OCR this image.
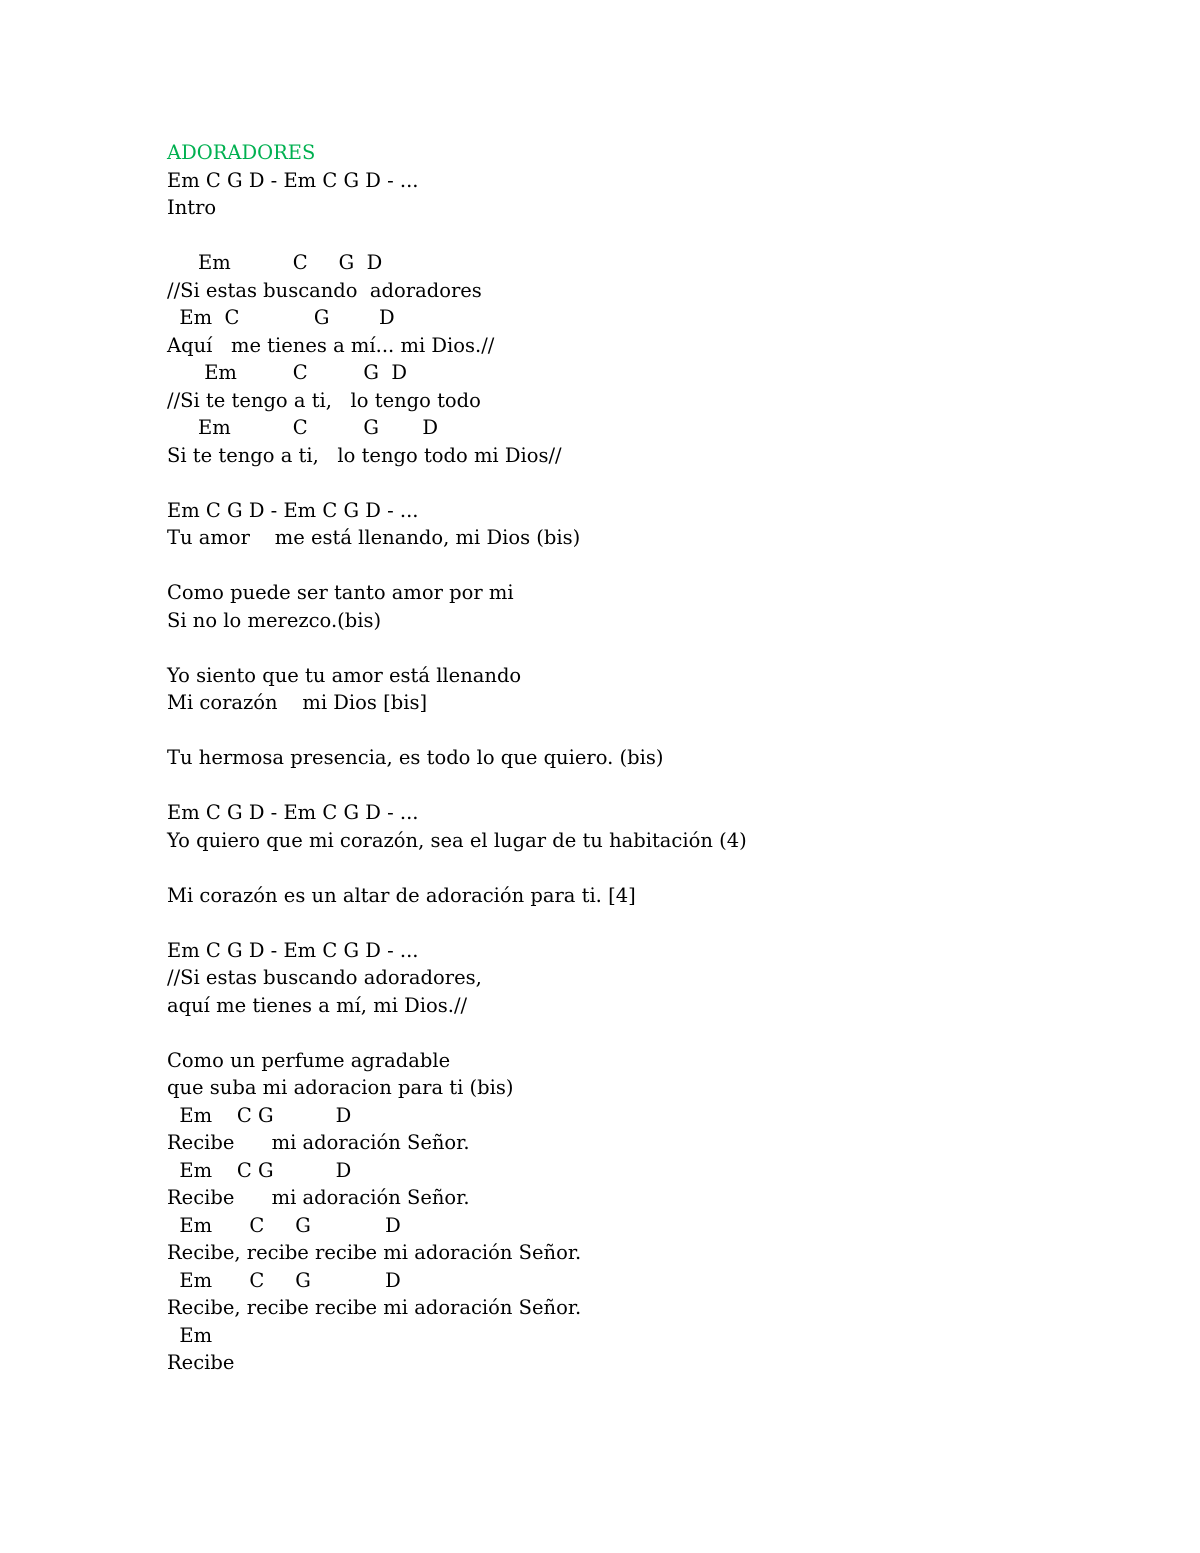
ADORADORES
Em C G D - Em C G D - ...
Intro
Em          C     G  D
//Si estas buscando  adoradores
Em  C            G        D
Aquí   me tienes a mí... mi Dios.//
Em         C         G  D
//Si te tengo a ti,   lo tengo todo
Em          C         G       D
Si te tengo a ti,   lo tengo todo mi Dios//
Em C G D - Em C G D - ...
Tu amor    me está llenando, mi Dios (bis)
Como puede ser tanto amor por mi
Si no lo merezco.(bis)
Yo siento que tu amor está llenando
Mi corazón    mi Dios [bis]
Tu hermosa presencia, es todo lo que quiero. (bis)
Em C G D - Em C G D - ...
Yo quiero que mi corazón, sea el lugar de tu habitación (4)
Mi corazón es un altar de adoración para ti. [4]
Em C G D - Em C G D - ...
//Si estas buscando adoradores,
aquí me tienes a mí, mi Dios.//
Como un perfume agradable
que suba mi adoracion para ti (bis)
Em    C G          D
Recibe      mi adoración Señor.
Em    C G          D
Recibe      mi adoración Señor.
Em      C     G            D
Recibe, recibe recibe mi adoración Señor.
Em      C     G            D
Recibe, recibe recibe mi adoración Señor.
Em
Recibe
